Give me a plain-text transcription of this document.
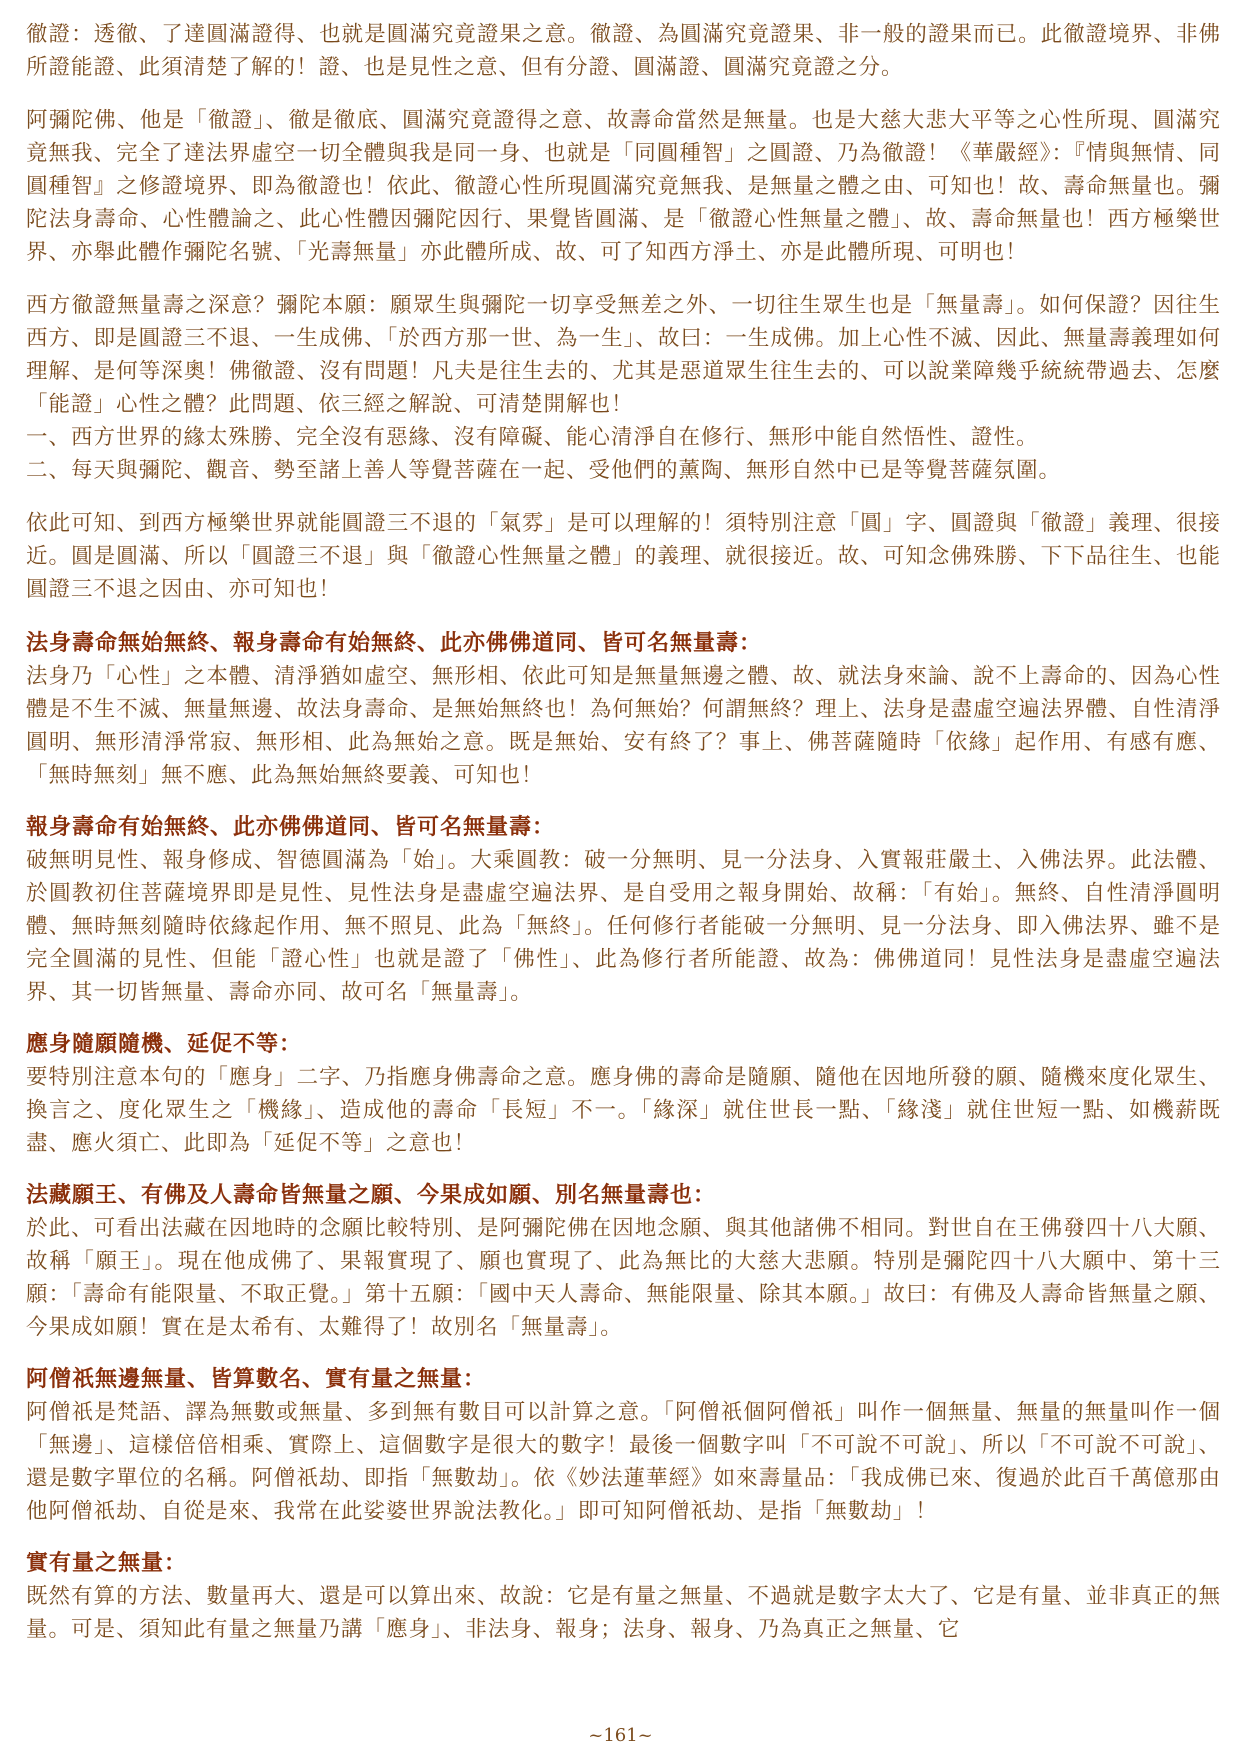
徹證：透徹、了達圓滿證得、也就是圓滿究竟證果之意。徹證、為圓滿究竟證果、非一般的證果而已。此徹證境界、非佛所證能證、此須清楚了解的！證、也是見性之意、但有分證、圓滿證、圓滿究竟證之分。

阿彌陀佛、他是「徹證」、徹是徹底、圓滿究竟證得之意、故壽命當然是無量。也是大慈大悲大平等之心性所現、圓滿究竟無我、完全了達法界虛空一切全體與我是同一身、也就是「同圓種智」之圓證、乃為徹證！《華嚴經》：『情與無情、同圓種智』之修證境界、即為徹證也！依此、徹證心性所現圓滿究竟無我、是無量之體之由、可知也！故、壽命無量也。彌陀法身壽命、心性體論之、此心性體因彌陀因行、果覺皆圓滿、是「徹證心性無量之體」、故、壽命無量也！西方極樂世界、亦舉此體作彌陀名號、「光壽無量」亦此體所成、故、可了知西方淨土、亦是此體所現、可明也！

西方徹證無量壽之深意？彌陀本願：願眾生與彌陀一切享受無差之外、一切往生眾生也是「無量壽」。如何保證？因往生西方、即是圓證三不退、一生成佛、「於西方那一世、為一生」、故曰：一生成佛。加上心性不滅、因此、無量壽義理如何理解、是何等深奧！佛徹證、沒有問題！凡夫是往生去的、尤其是惡道眾生往生去的、可以說業障幾乎統統帶過去、怎麼「能證」心性之體？此問題、依三經之解說、可清楚開解也！

一、西方世界的緣太殊勝、完全沒有惡緣、沒有障礙、能心清淨自在修行、無形中能自然悟性、證性。

二、每天與彌陀、觀音、勢至諸上善人等覺菩薩在一起、受他們的薰陶、無形自然中已是等覺菩薩氛圍。

依此可知、到西方極樂世界就能圓證三不退的「氣雰」是可以理解的！須特別注意「圓」字、圓證與「徹證」義理、很接近。圓是圓滿、所以「圓證三不退」與「徹證心性無量之體」的義理、就很接近。故、可知念佛殊勝、下下品往生、也能圓證三不退之因由、亦可知也！

法身壽命無始無終、報身壽命有始無終、此亦佛佛道同、皆可名無量壽：

法身乃「心性」之本體、清淨猶如虛空、無形相、依此可知是無量無邊之體、故、就法身來論、說不上壽命的、因為心性體是不生不滅、無量無邊、故法身壽命、是無始無終也！為何無始？何謂無終？理上、法身是盡虛空遍法界體、自性清淨圓明、無形清淨常寂、無形相、此為無始之意。既是無始、安有終了？事上、佛菩薩隨時「依緣」起作用、有感有應、「無時無刻」無不應、此為無始無終要義、可知也！

報身壽命有始無終、此亦佛佛道同、皆可名無量壽：

破無明見性、報身修成、智德圓滿為「始」。大乘圓教：破一分無明、見一分法身、入實報莊嚴土、入佛法界。此法體、於圓教初住菩薩境界即是見性、見性法身是盡虛空遍法界、是自受用之報身開始、故稱：「有始」。無終、自性清淨圓明體、無時無刻隨時依緣起作用、無不照見、此為「無終」。任何修行者能破一分無明、見一分法身、即入佛法界、雖不是完全圓滿的見性、但能「證心性」也就是證了「佛性」、此為修行者所能證、故為：佛佛道同！見性法身是盡虛空遍法界、其一切皆無量、壽命亦同、故可名「無量壽」。

應身隨願隨機、延促不等：

要特別注意本句的「應身」二字、乃指應身佛壽命之意。應身佛的壽命是隨願、隨他在因地所發的願、隨機來度化眾生、換言之、度化眾生之「機緣」、造成他的壽命「長短」不一。「緣深」就住世長一點、「緣淺」就住世短一點、如機薪既盡、應火須亡、此即為「延促不等」之意也！

法藏願王、有佛及人壽命皆無量之願、今果成如願、別名無量壽也：

於此、可看出法藏在因地時的念願比較特別、是阿彌陀佛在因地念願、與其他諸佛不相同。對世自在王佛發四十八大願、故稱「願王」。現在他成佛了、果報實現了、願也實現了、此為無比的大慈大悲願。特別是彌陀四十八大願中、第十三願：「壽命有能限量、不取正覺。」第十五願：「國中天人壽命、無能限量、除其本願。」故曰：有佛及人壽命皆無量之願、今果成如願！實在是太希有、太難得了！故別名「無量壽」。

阿僧祇無邊無量、皆算數名、實有量之無量：

阿僧祇是梵語、譯為無數或無量、多到無有數目可以計算之意。「阿僧祇個阿僧祇」叫作一個無量、無量的無量叫作一個「無邊」、這樣倍倍相乘、實際上、這個數字是很大的數字！最後一個數字叫「不可說不可說」、所以「不可說不可說」、還是數字單位的名稱。阿僧祇劫、即指「無數劫」。依《妙法蓮華經》如來壽量品：「我成佛已來、復過於此百千萬億那由他阿僧祇劫、自從是來、我常在此娑婆世界說法教化。」即可知阿僧祇劫、是指「無數劫」！

實有量之無量：

既然有算的方法、數量再大、還是可以算出來、故說：它是有量之無量、不過就是數字太大了、它是有量、並非真正的無量。可是、須知此有量之無量乃講「應身」、非法身、報身；法身、報身、乃為真正之無量、它

~161~
